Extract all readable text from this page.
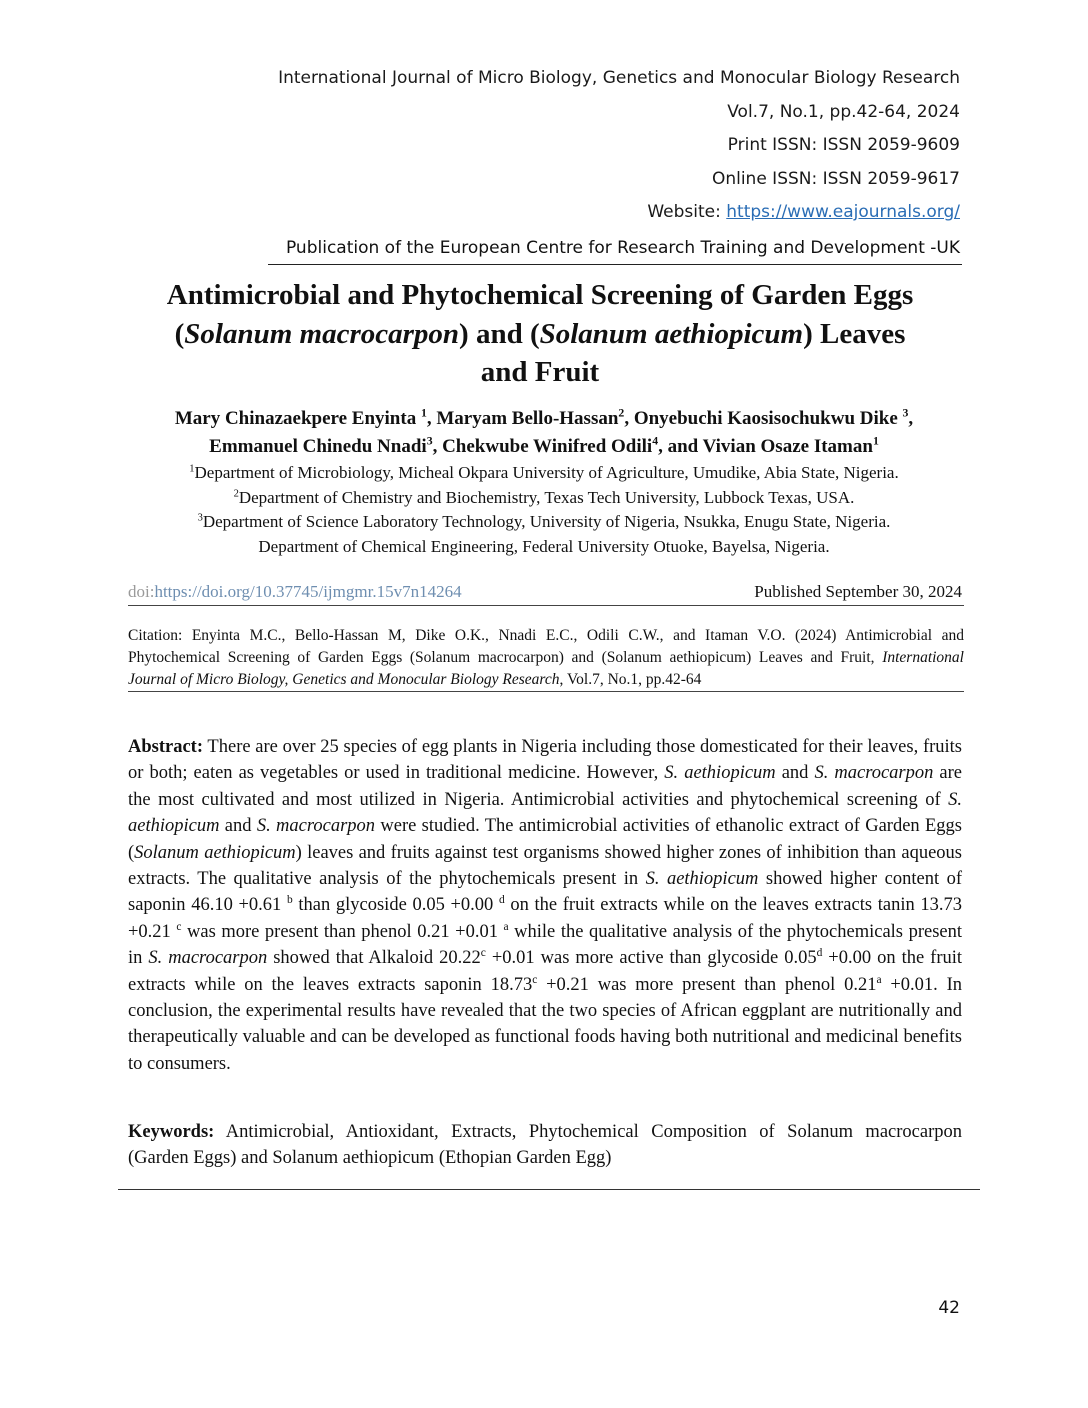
International Journal of Micro Biology, Genetics and Monocular Biology Research
Vol.7, No.1, pp.42-64, 2024
Print ISSN: ISSN 2059-9609
Online ISSN: ISSN 2059-9617
Website: https://www.eajournals.org/
Publication of the European Centre for Research Training and Development -UK
Antimicrobial and Phytochemical Screening of Garden Eggs
(Solanum macrocarpon) and (Solanum aethiopicum) Leaves
and Fruit
Mary Chinazaekpere Enyinta $^1$, Maryam Bello-Hassan$^2$, Onyebuchi Kaosisochukwu Dike $^3$,
Emmanuel Chinedu Nnadi$^3$, Chekwube Winifred Odili$^4$, and Vivian Osaze Itaman$^1$
$^1$Department of Microbiology, Micheal Okpara University of Agriculture, Umudike, Abia State, Nigeria.
$^2$Department of Chemistry and Biochemistry, Texas Tech University, Lubbock Texas, USA.
$^3$Department of Science Laboratory Technology, University of Nigeria, Nsukka, Enugu State, Nigeria.
Department of Chemical Engineering, Federal University Otuoke, Bayelsa, Nigeria.
doi:https://doi.org/10.37745/ijmgmr.15v7n14264	Published September 30, 2024
Citation: Enyinta M.C., Bello-Hassan M, Dike O.K., Nnadi E.C., Odili C.W., and Itaman V.O. (2024) Antimicrobial and Phytochemical Screening of Garden Eggs (Solanum macrocarpon) and (Solanum aethiopicum) Leaves and Fruit, International Journal of Micro Biology, Genetics and Monocular Biology Research, Vol.7, No.1, pp.42-64
Abstract: There are over 25 species of egg plants in Nigeria including those domesticated for their leaves, fruits or both; eaten as vegetables or used in traditional medicine. However, S. aethiopicum and S. macrocarpon are the most cultivated and most utilized in Nigeria. Antimicrobial activities and phytochemical screening of S. aethiopicum and S. macrocarpon were studied. The antimicrobial activities of ethanolic extract of Garden Eggs (Solanum aethiopicum) leaves and fruits against test organisms showed higher zones of inhibition than aqueous extracts. The qualitative analysis of the phytochemicals present in S. aethiopicum showed higher content of saponin 46.10 +0.61 $^b$ than glycoside 0.05 +0.00 $^d$ on the fruit extracts while on the leaves extracts tanin 13.73 +0.21 $^c$ was more present than phenol 0.21 +0.01 $^a$ while the qualitative analysis of the phytochemicals present in S. macrocarpon showed that Alkaloid 20.22$^c$ +0.01 was more active than glycoside 0.05$^d$ +0.00 on the fruit extracts while on the leaves extracts saponin 18.73$^c$ +0.21 was more present than phenol 0.21$^a$ +0.01. In conclusion, the experimental results have revealed that the two species of African eggplant are nutritionally and therapeutically valuable and can be developed as functional foods having both nutritional and medicinal benefits to consumers.
Keywords: Antimicrobial, Antioxidant, Extracts, Phytochemical Composition of Solanum macrocarpon (Garden Eggs) and Solanum aethiopicum (Ethopian Garden Egg)
42
